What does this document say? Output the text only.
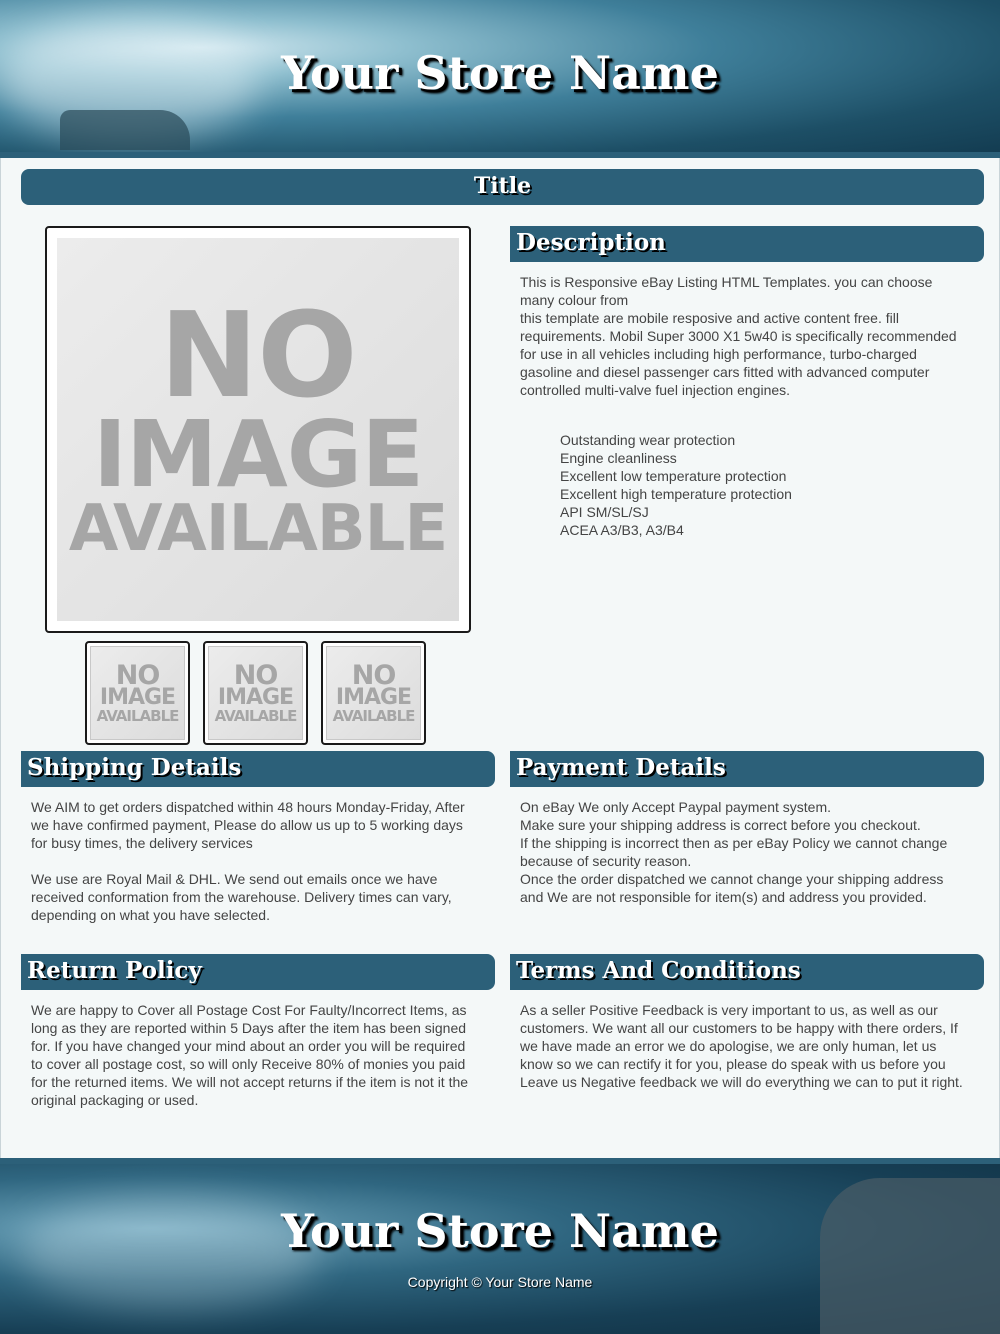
Your Store Name
Title
NO
IMAGE
AVAILABLE
NO
IMAGE
AVAILABLE
NO
IMAGE
AVAILABLE
NO
IMAGE
AVAILABLE
Description

This is Responsive eBay Listing HTML Templates. you can choose many colour from

this template are mobile resposive and active content free. fill requirements. Mobil Super 3000 X1 5w40 is specifically recommended for use in all vehicles including high performance, turbo-charged gasoline and diesel passenger cars fitted with advanced computer controlled multi-valve fuel injection engines.

Outstanding wear protection
Engine cleanliness
Excellent low temperature protection
Excellent high temperature protection
API SM/SL/SJ
ACEA A3/B3, A3/B4
Shipping Details

We AIM to get orders dispatched within 48 hours Monday-Friday, After we have confirmed payment, Please do allow us up to 5 working days for busy times, the delivery services

We use are Royal Mail & DHL. We send out emails once we have received conformation from the warehouse. Delivery times can vary, depending on what you have selected.

Payment Details

On eBay We only Accept Paypal payment system.

Make sure your shipping address is correct before you checkout.

If the shipping is incorrect then as per eBay Policy we cannot change because of security reason.

Once the order dispatched we cannot change your shipping address and We are not responsible for item(s) and address you provided.

Return Policy

We are happy to Cover all Postage Cost For Faulty/Incorrect Items, as long as they are reported within 5 Days after the item has been signed for. If you have changed your mind about an order you will be required to cover all postage cost, so will only Receive 80% of monies you paid for the returned items. We will not accept returns if the item is not it the original packaging or used.

Terms And Conditions

As a seller Positive Feedback is very important to us, as well as our customers. We want all our customers to be happy with there orders, If we have made an error we do apologise, we are only human, let us know so we can rectify it for you, please do speak with us before you Leave us Negative feedback we will do everything we can to put it right.

Your Store Name
Copyright © Your Store Name
